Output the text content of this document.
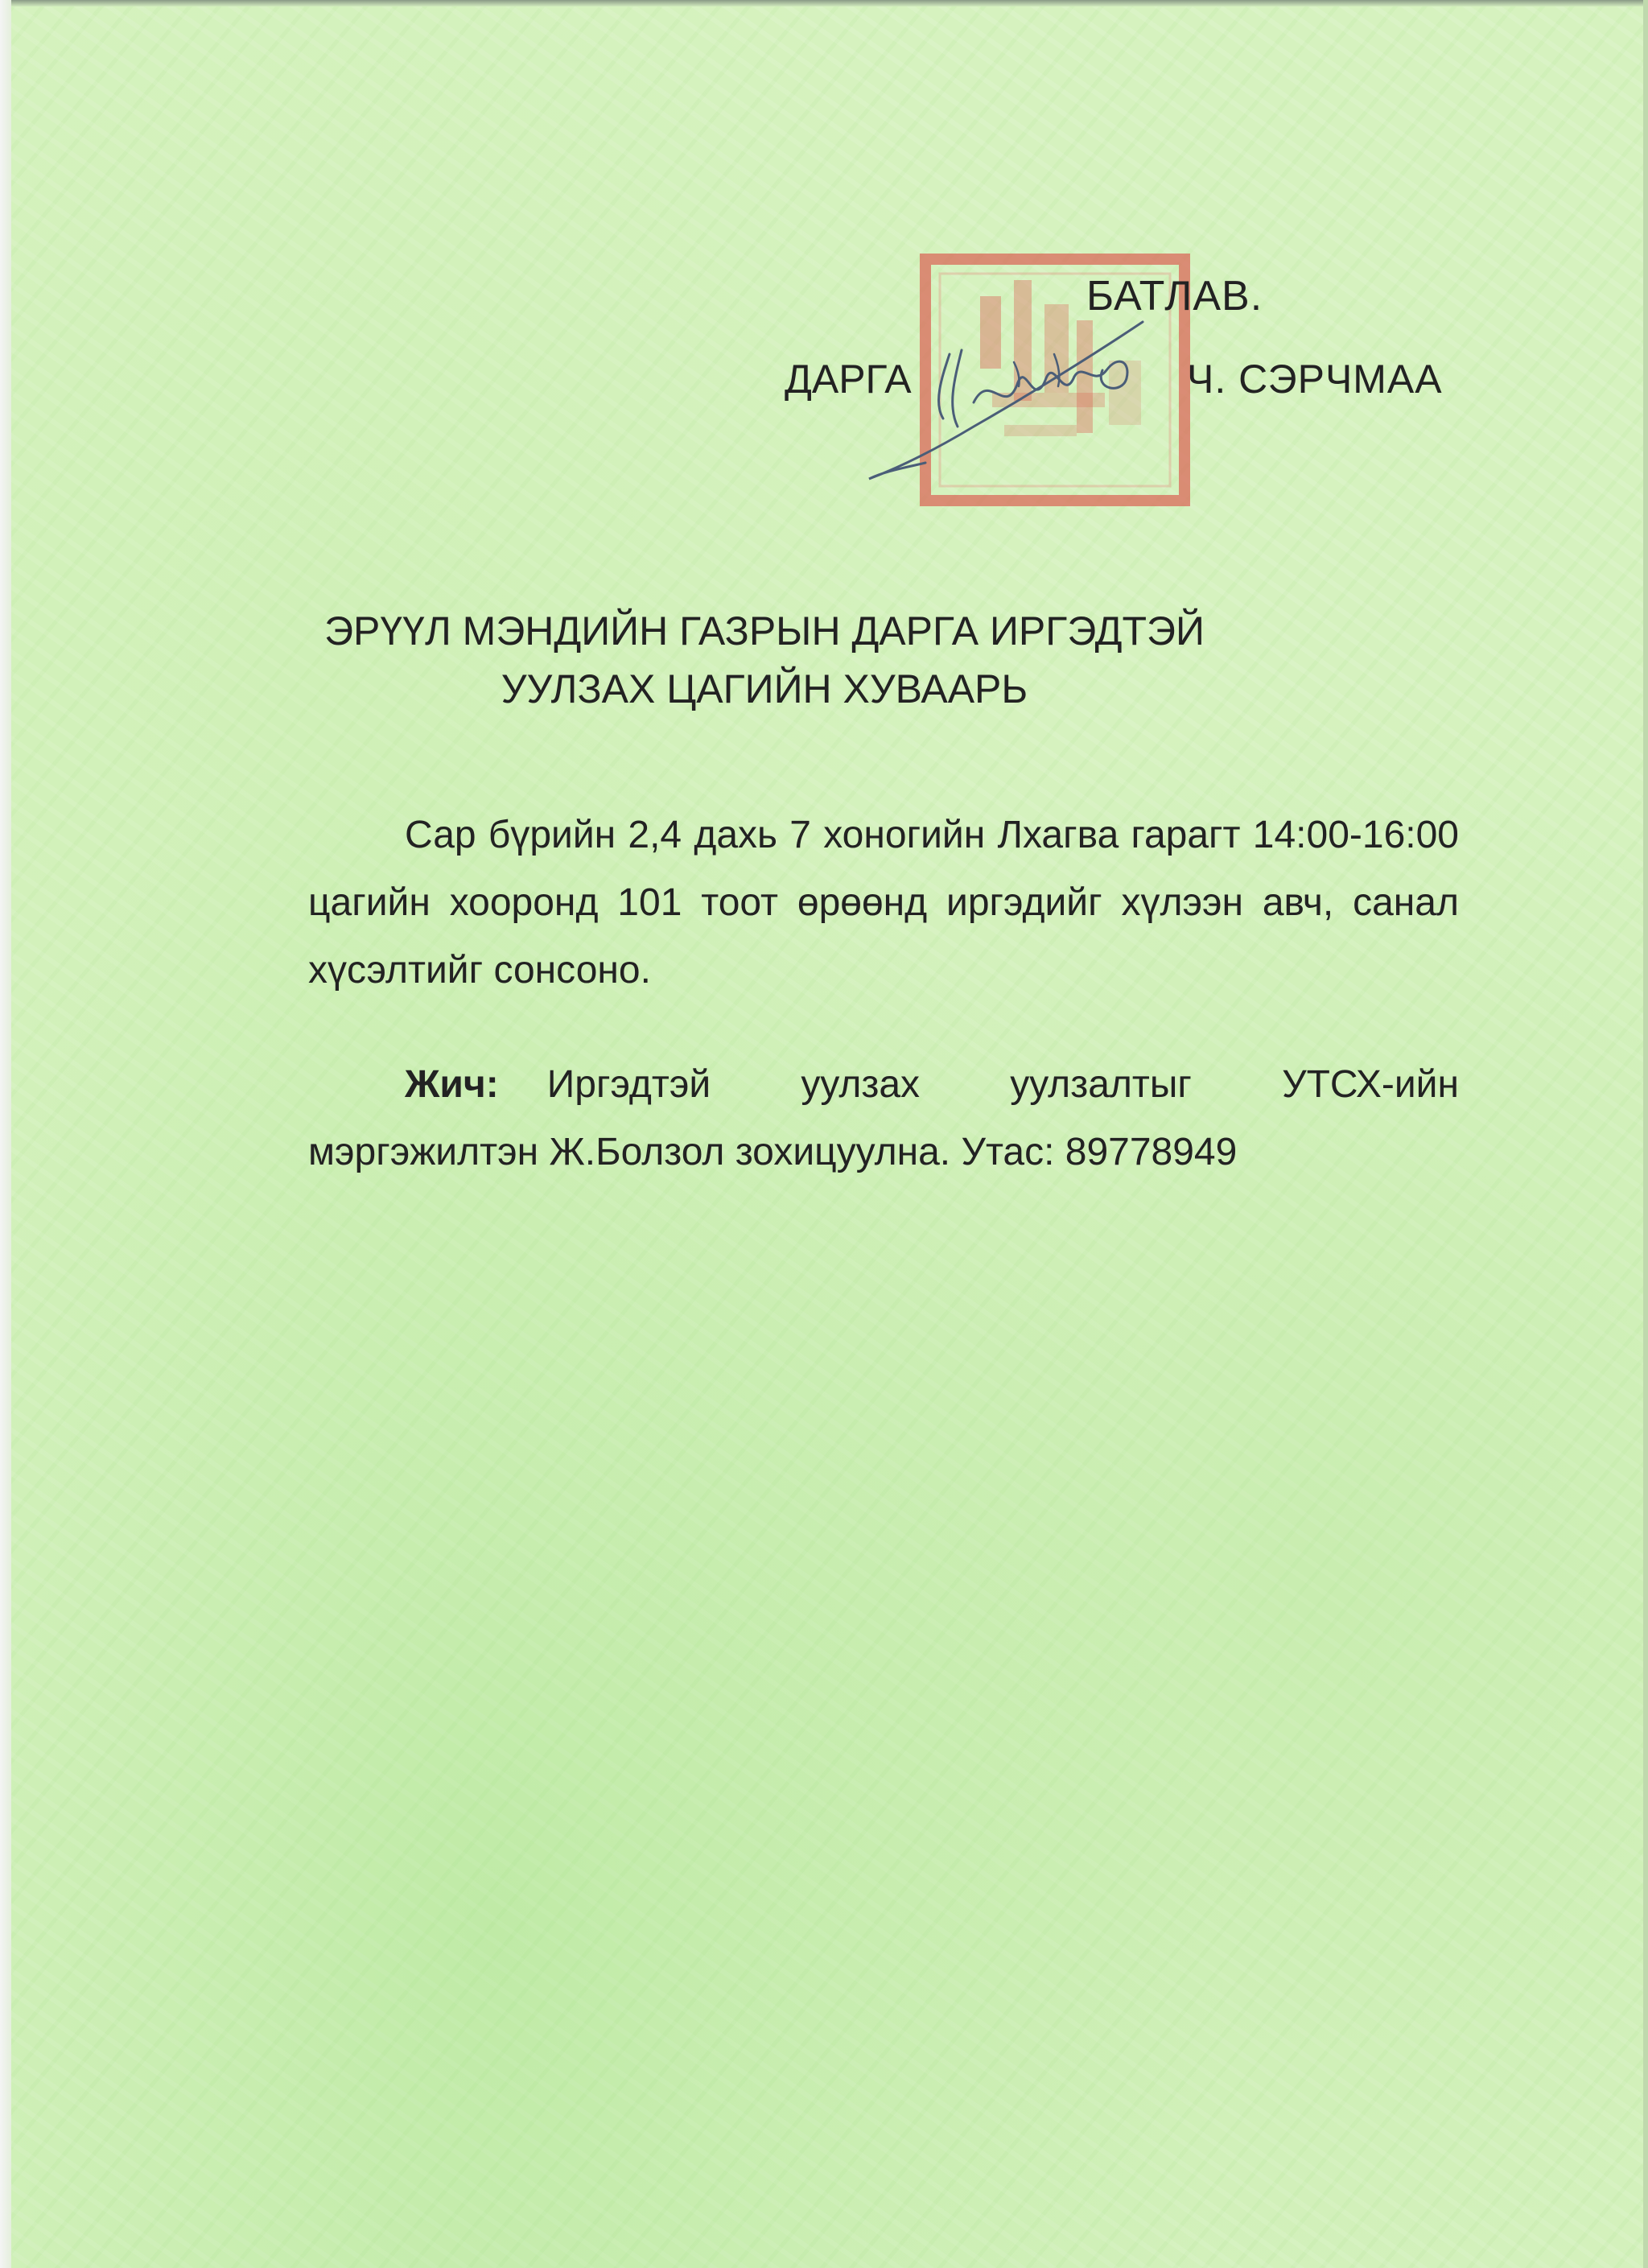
БАТЛАВ.
ДАРГА	Ч. СЭРЧМАА
ЭРҮҮЛ МЭНДИЙН ГАЗРЫН ДАРГА ИРГЭДТЭЙ
УУЛЗАХ ЦАГИЙН ХУВААРЬ

Сар бүрийн 2,4 дахь 7 хоногийн Лхагва гарагт 14:00-16:00 цагийн хооронд 101 тоот өрөөнд иргэдийг хүлээн авч, санал хүсэлтийг сонсоно.

Жич: Иргэдтэй уулзах уулзалтыг УТСХ-ийн мэргэжилтэн Ж.Болзол зохицуулна. Утас: 89778949
